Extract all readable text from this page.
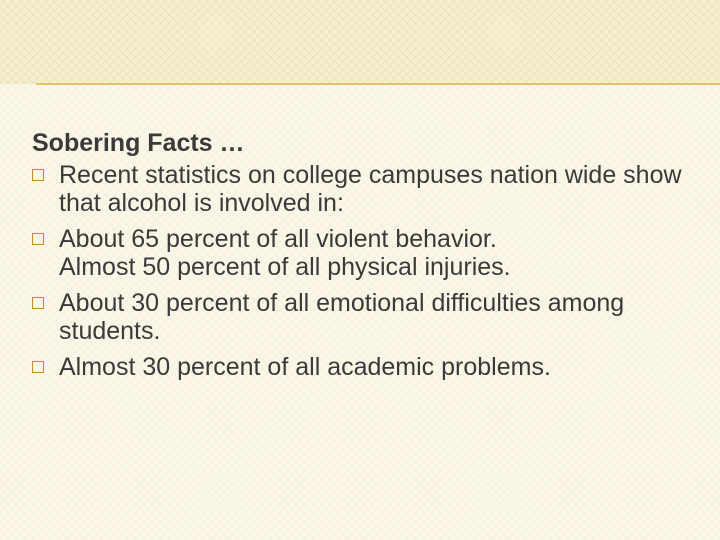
Sobering Facts …
Recent statistics on college campuses nation wide show that alcohol is involved in:
About 65 percent of all violent behavior.
Almost 50 percent of all physical injuries.
About 30 percent of all emotional difficulties among students.
Almost 30 percent of all academic problems.
